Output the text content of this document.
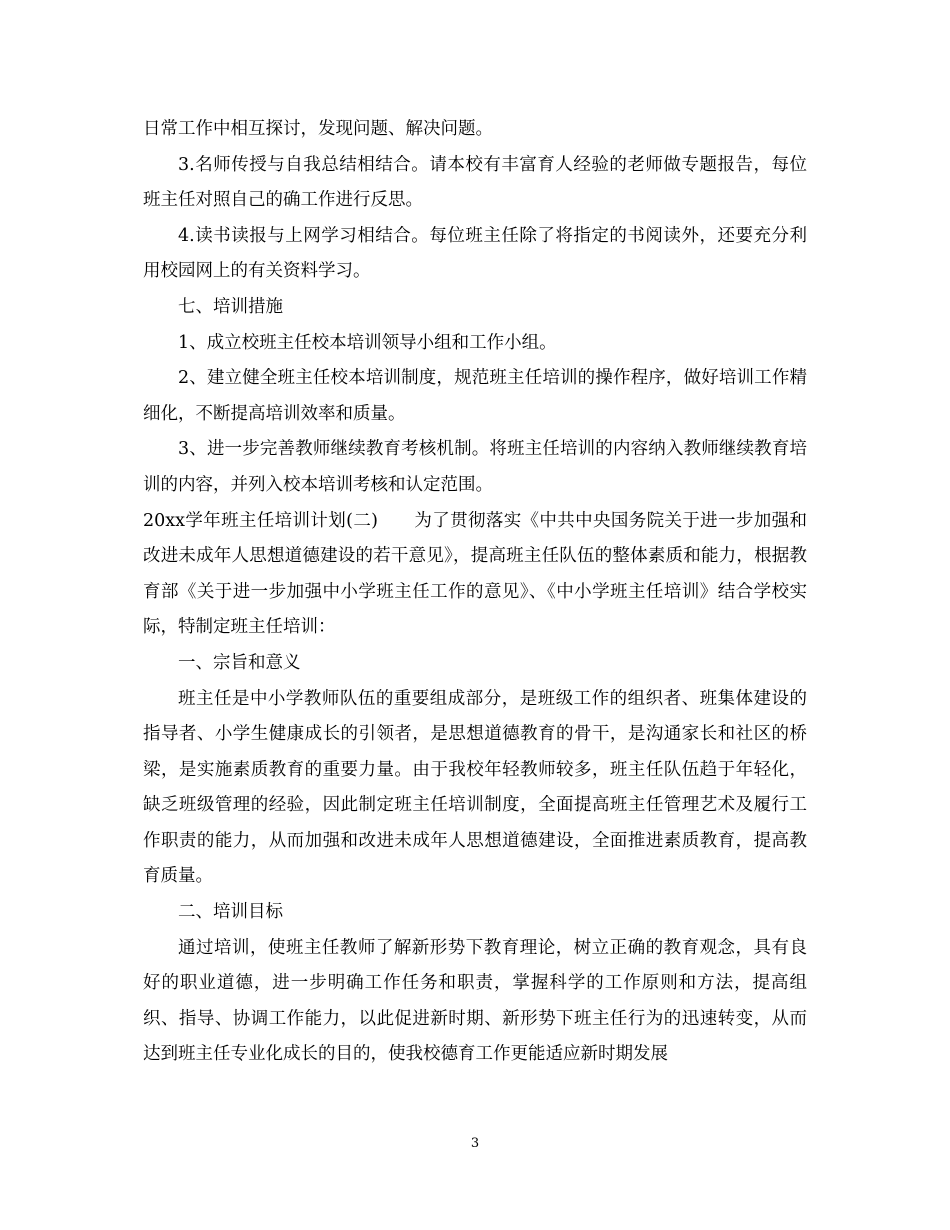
日常工作中相互探讨，发现问题、解决问题。

3.名师传授与自我总结相结合。请本校有丰富育人经验的老师做专题报告，每位班主任对照自己的确工作进行反思。

4.读书读报与上网学习相结合。每位班主任除了将指定的书阅读外，还要充分利用校园网上的有关资料学习。

七、培训措施

1、成立校班主任校本培训领导小组和工作小组。

2、建立健全班主任校本培训制度，规范班主任培训的操作程序，做好培训工作精细化，不断提高培训效率和质量。

3、进一步完善教师继续教育考核机制。将班主任培训的内容纳入教师继续教育培训的内容，并列入校本培训考核和认定范围。

20xx学年班主任培训计划(二) 为了贯彻落实《中共中央国务院关于进一步加强和改进未成年人思想道德建设的若干意见》，提高班主任队伍的整体素质和能力，根据教育部《关于进一步加强中小学班主任工作的意见》、《中小学班主任培训》结合学校实际，特制定班主任培训：

一、宗旨和意义

班主任是中小学教师队伍的重要组成部分，是班级工作的组织者、班集体建设的指导者、小学生健康成长的引领者，是思想道德教育的骨干，是沟通家长和社区的桥梁，是实施素质教育的重要力量。由于我校年轻教师较多，班主任队伍趋于年轻化，缺乏班级管理的经验，因此制定班主任培训制度，全面提高班主任管理艺术及履行工作职责的能力，从而加强和改进未成年人思想道德建设，全面推进素质教育，提高教育质量。

二、培训目标

通过培训，使班主任教师了解新形势下教育理论，树立正确的教育观念，具有良好的职业道德，进一步明确工作任务和职责，掌握科学的工作原则和方法，提高组织、指导、协调工作能力，以此促进新时期、新形势下班主任行为的迅速转变，从而达到班主任专业化成长的目的，使我校德育工作更能适应新时期发展

3
